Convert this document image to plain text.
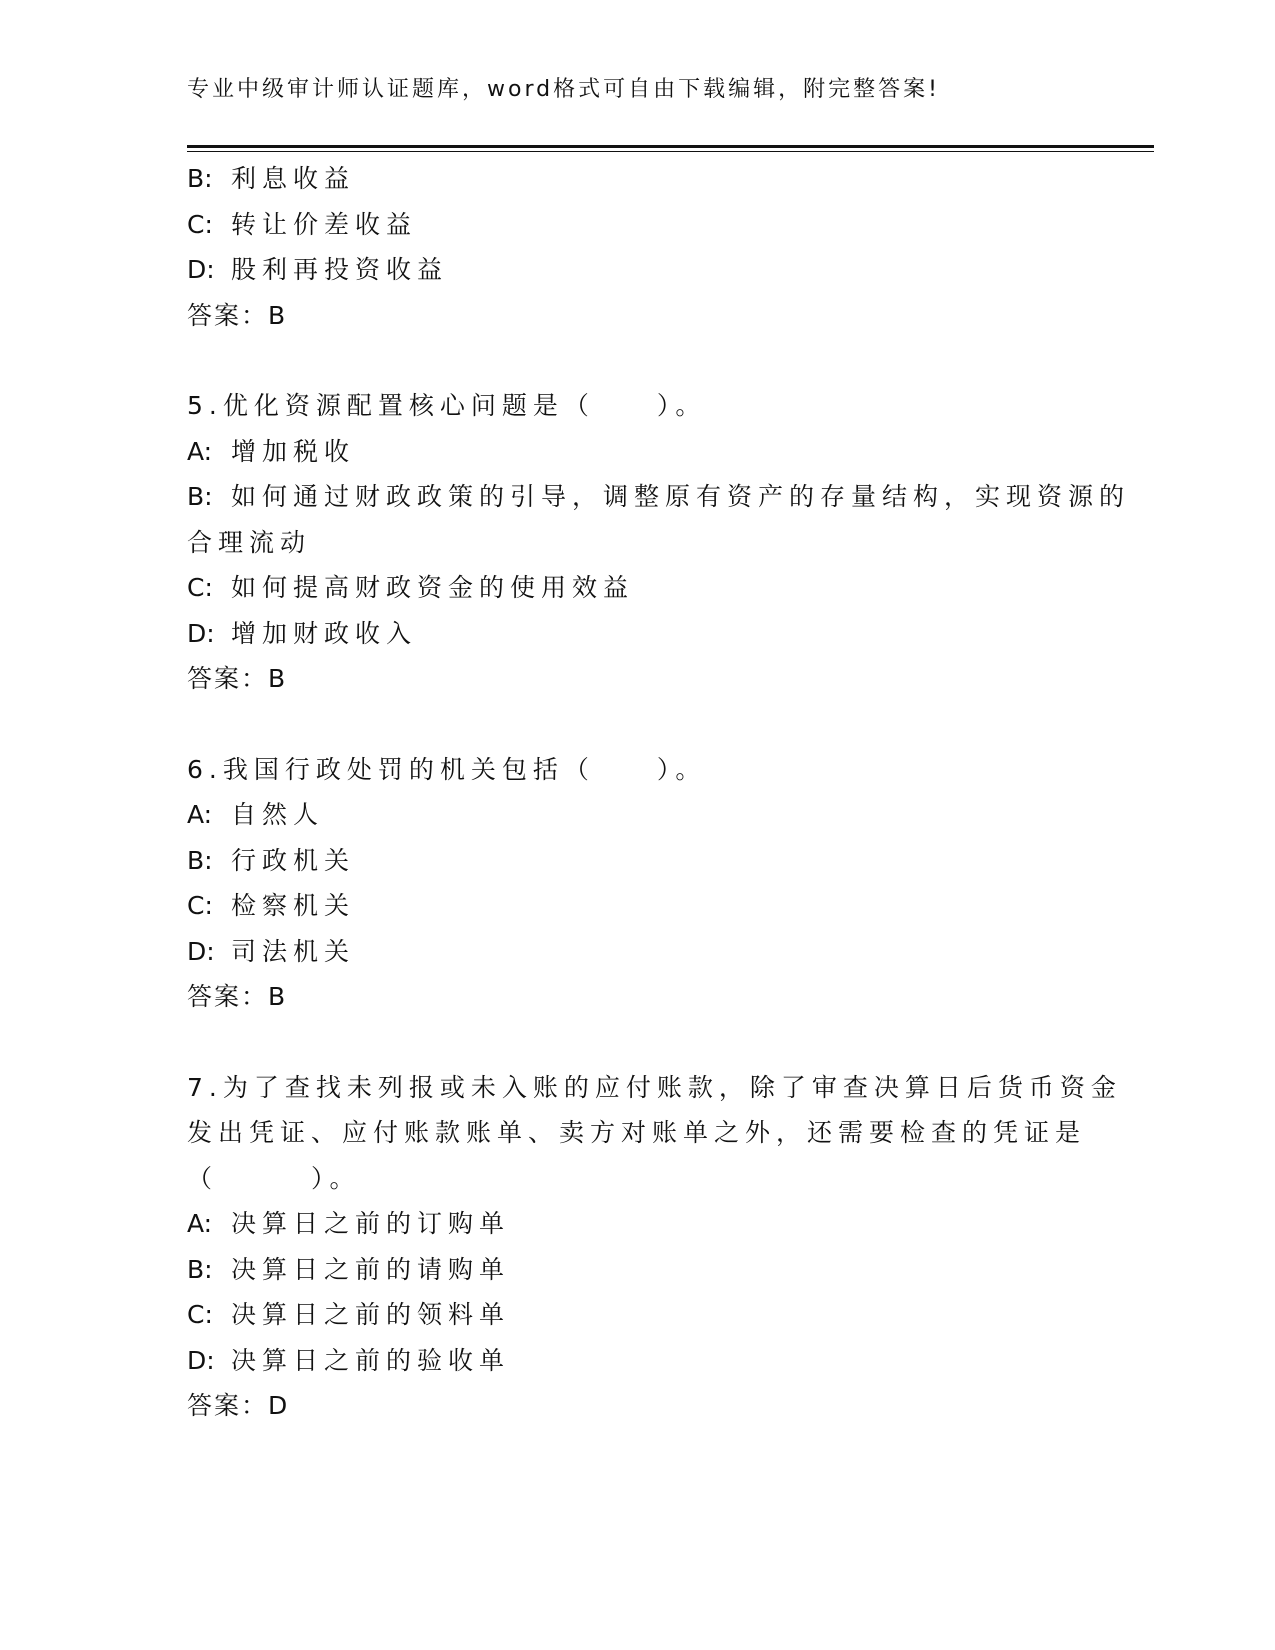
专业中级审计师认证题库，word格式可自由下载编辑，附完整答案!
B: 利息收益
C: 转让价差收益
D: 股利再投资收益
答案：B
5.优化资源配置核心问题是（　　）。
A: 增加税收
B: 如何通过财政政策的引导，调整原有资产的存量结构，实现资源的
合理流动
C: 如何提高财政资金的使用效益
D: 增加财政收入
答案：B
6.我国行政处罚的机关包括（　　）。
A: 自然人
B: 行政机关
C: 检察机关
D: 司法机关
答案：B
7.为了查找未列报或未入账的应付账款，除了审查决算日后货币资金
发出凭证、应付账款账单、卖方对账单之外，还需要检查的凭证是
（　　　）。
A: 决算日之前的订购单
B: 决算日之前的请购单
C: 决算日之前的领料单
D: 决算日之前的验收单
答案：D
